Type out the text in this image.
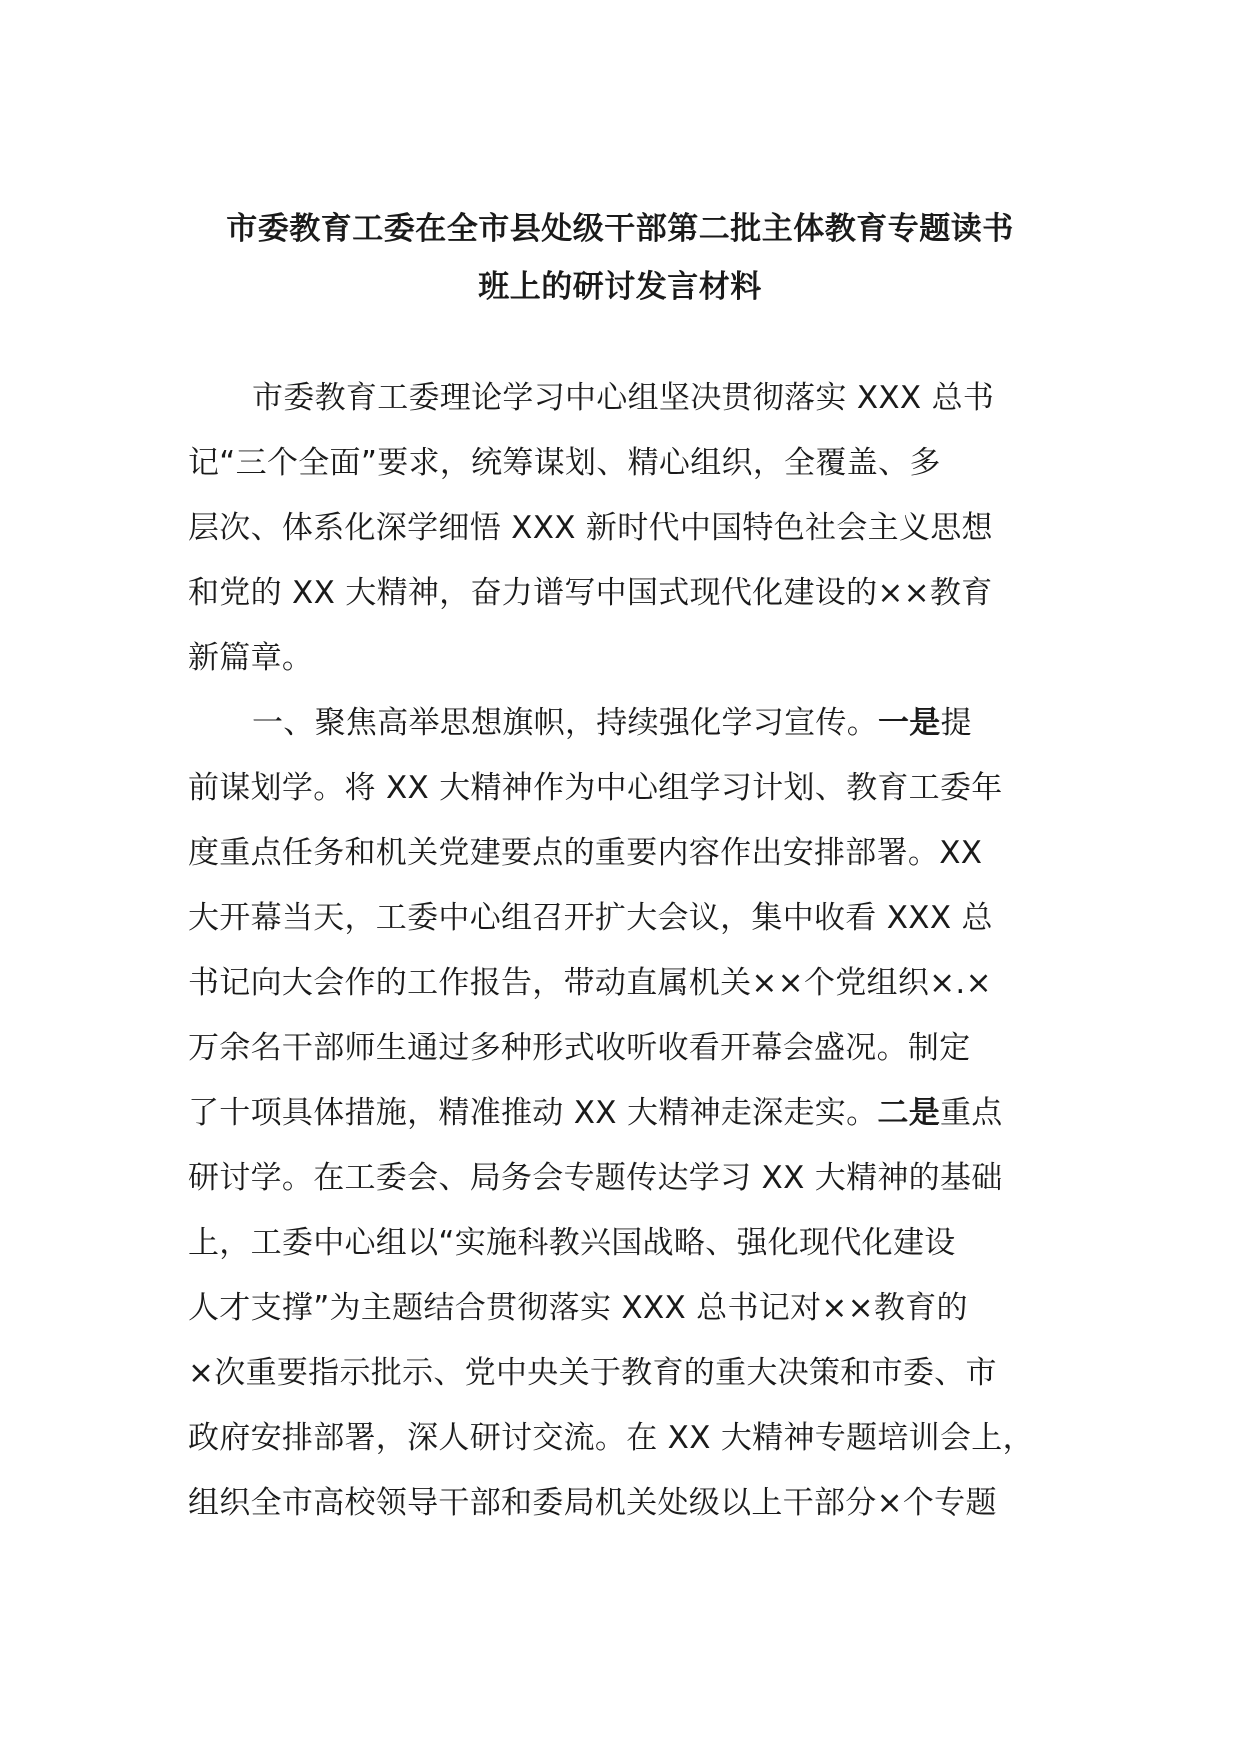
市委教育工委在全市县处级干部第二批主体教育专题读书
班上的研讨发言材料
市委教育工委理论学习中心组坚决贯彻落实 XXX 总书
记“三个全面”要求，统筹谋划、精心组织，全覆盖、多
层次、体系化深学细悟 XXX 新时代中国特色社会主义思想
和党的 XX 大精神，奋力谱写中国式现代化建设的××教育
新篇章。
一、聚焦高举思想旗帜，持续强化学习宣传。一是提
前谋划学。将 XX 大精神作为中心组学习计划、教育工委年
度重点任务和机关党建要点的重要内容作出安排部署。XX
大开幕当天，工委中心组召开扩大会议，集中收看 XXX 总
书记向大会作的工作报告，带动直属机关××个党组织×.×
万余名干部师生通过多种形式收听收看开幕会盛况。制定
了十项具体措施，精准推动 XX 大精神走深走实。二是重点
研讨学。在工委会、局务会专题传达学习 XX 大精神的基础
上，工委中心组以“实施科教兴国战略、强化现代化建设
人才支撑”为主题结合贯彻落实 XXX 总书记对××教育的
×次重要指示批示、党中央关于教育的重大决策和市委、市
政府安排部署，深人研讨交流。在 XX 大精神专题培训会上，
组织全市高校领导干部和委局机关处级以上干部分×个专题
